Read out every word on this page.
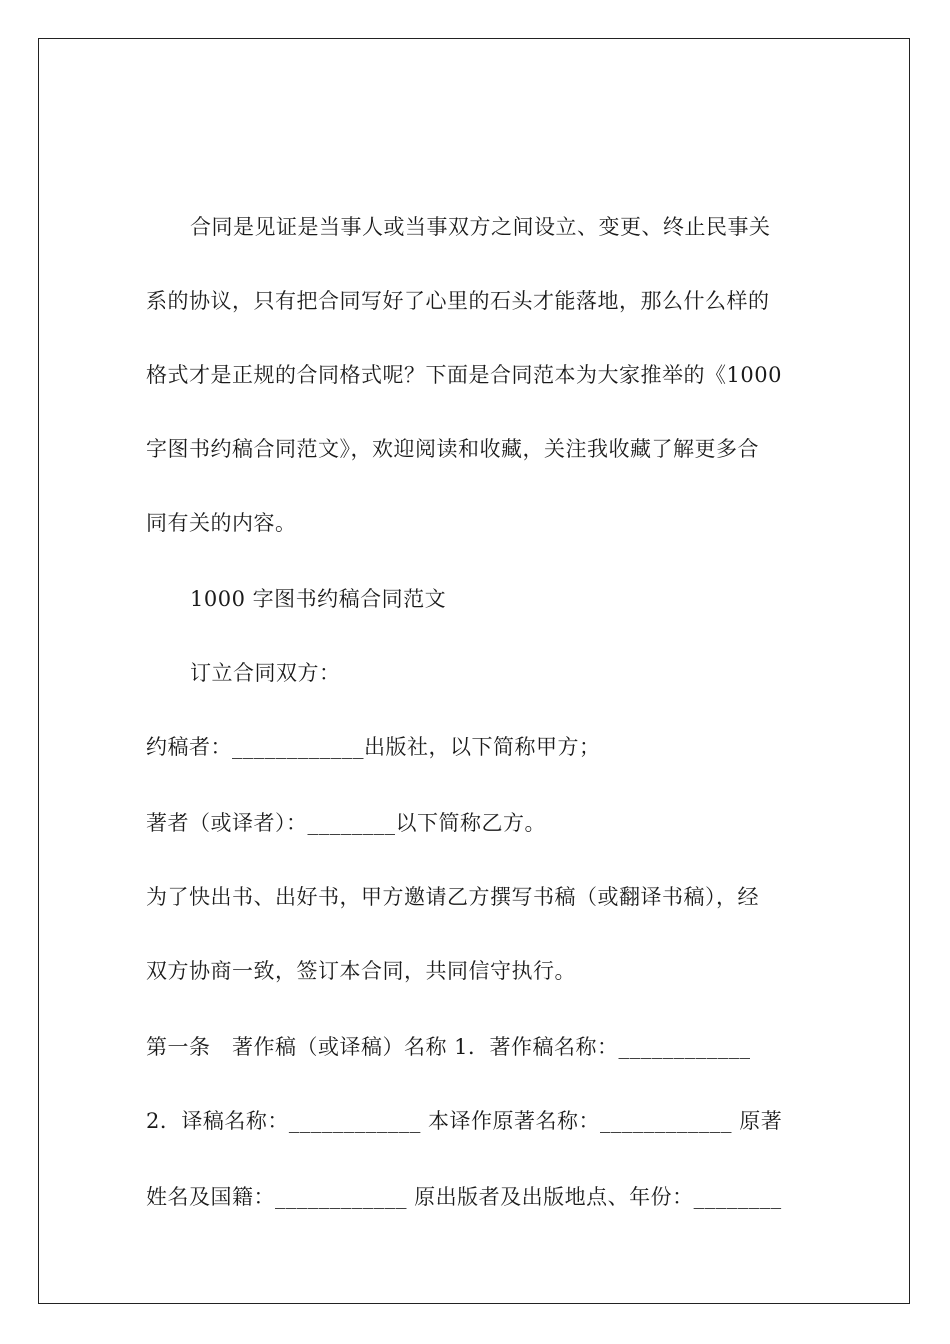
合同是见证是当事人或当事双方之间设立、变更、终止民事关
系的协议，只有把合同写好了心里的石头才能落地，那么什么样的
格式才是正规的合同格式呢？下面是合同范本为大家推举的《1000
字图书约稿合同范文》，欢迎阅读和收藏，关注我收藏了解更多合
同有关的内容。
1000 字图书约稿合同范文
订立合同双方：
约稿者：____________出版社，以下简称甲方；
著者（或译者）：________以下简称乙方。
为了快出书、出好书，甲方邀请乙方撰写书稿（或翻译书稿），经
双方协商一致，签订本合同，共同信守执行。
第一条　著作稿（或译稿）名称 1．著作稿名称：____________
2．译稿名称：____________ 本译作原著名称：____________ 原著
姓名及国籍：____________ 原出版者及出版地点、年份：________
